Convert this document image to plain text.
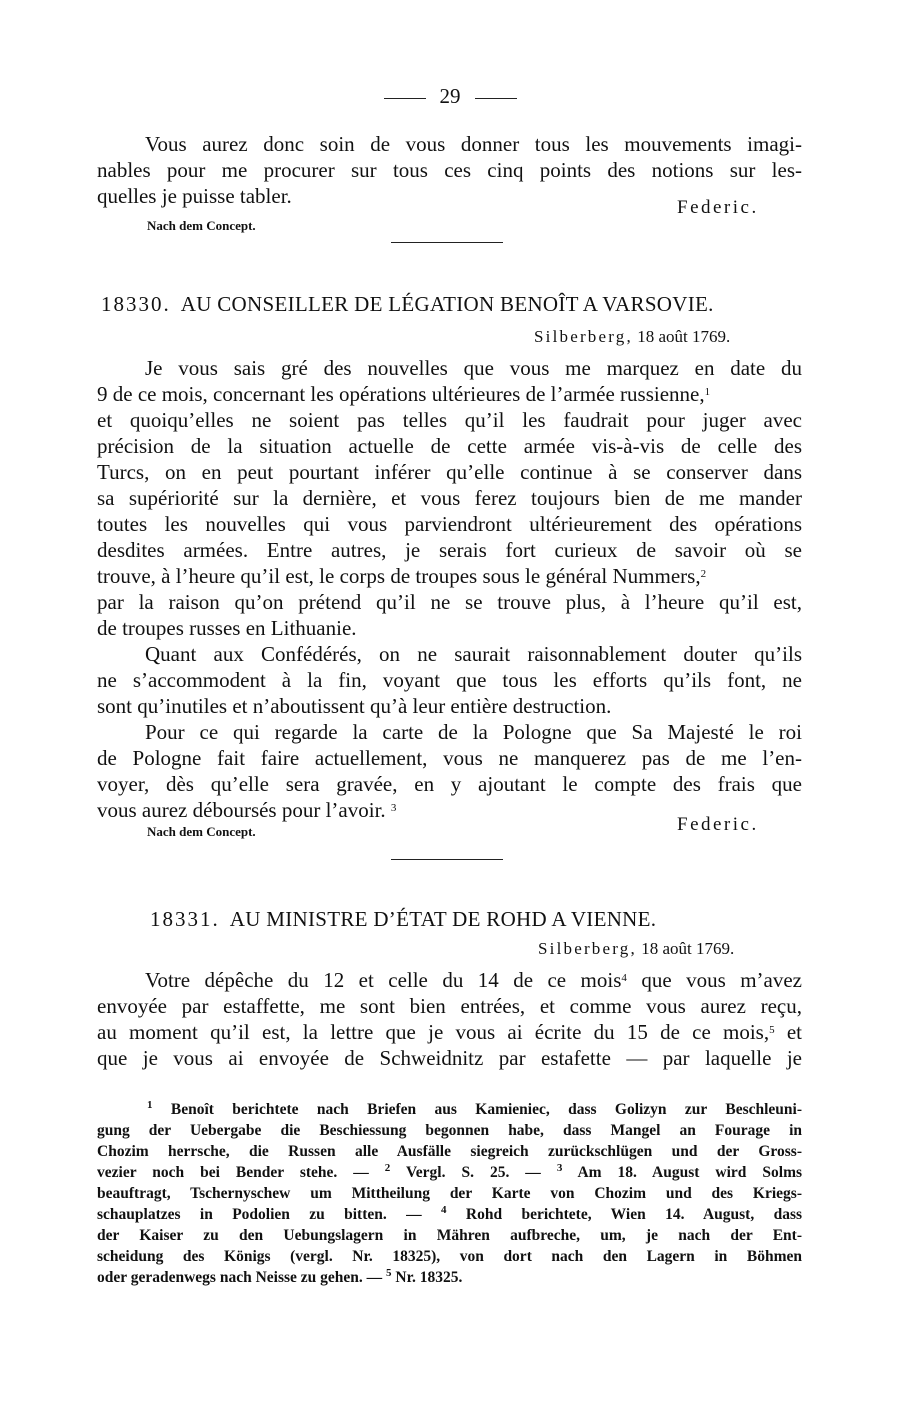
29
Vous aurez donc soin de vous donner tous les mouvements imagi-
nables pour me procurer sur tous ces cinq points des notions sur les-
quelles je puisse tabler.	Federic.
Nach dem Concept.
18330. AU CONSEILLER DE LÉGATION BENOÎT A VARSOVIE.
Silberberg, 18 août 1769.
Je vous sais gré des nouvelles que vous me marquez en date du
9 de ce mois, concernant les opérations ultérieures de l’armée russienne,$^1$
et quoiqu’elles ne soient pas telles qu’il les faudrait pour juger avec
précision de la situation actuelle de cette armée vis-à-vis de celle des
Turcs, on en peut pourtant inférer qu’elle continue à se conserver dans
sa supériorité sur la dernière, et vous ferez toujours bien de me mander
toutes les nouvelles qui vous parviendront ultérieurement des opérations
desdites armées. Entre autres, je serais fort curieux de savoir où se
trouve, à l’heure qu’il est, le corps de troupes sous le général Nummers,$^2$
par la raison qu’on prétend qu’il ne se trouve plus, à l’heure qu’il est,
de troupes russes en Lithuanie.
Quant aux Confédérés, on ne saurait raisonnablement douter qu’ils
ne s’accommodent à la fin, voyant que tous les efforts qu’ils font, ne
sont qu’inutiles et n’aboutissent qu’à leur entière destruction.
Pour ce qui regarde la carte de la Pologne que Sa Majesté le roi
de Pologne fait faire actuellement, vous ne manquerez pas de me l’en-
voyer, dès qu’elle sera gravée, en y ajoutant le compte des frais que
vous aurez déboursés pour l’avoir. $^3$
Nach dem Concept.	Federic.
18331. AU MINISTRE D’ÉTAT DE ROHD A VIENNE.
Silberberg, 18 août 1769.
Votre dépêche du 12 et celle du 14 de ce mois$^4$ que vous m’avez
envoyée par estaffette, me sont bien entrées, et comme vous aurez reçu,
au moment qu’il est, la lettre que je vous ai écrite du 15 de ce mois,$^5$ et
que je vous ai envoyée de Schweidnitz par estafette — par laquelle je
$^1$ Benoît berichtete nach Briefen aus Kamieniec, dass Golizyn zur Beschleuni-
gung der Uebergabe die Beschiessung begonnen habe, dass Mangel an Fourage in
Chozim herrsche, die Russen alle Ausfälle siegreich zurückschlügen und der Gross-
vezier noch bei Bender stehe. — $^2$ Vergl. S. 25. — $^3$ Am 18. August wird Solms
beauftragt, Tschernyschew um Mittheilung der Karte von Chozim und des Kriegs-
schauplatzes in Podolien zu bitten. — $^4$ Rohd berichtete, Wien 14. August, dass
der Kaiser zu den Uebungslagern in Mähren aufbreche, um, je nach der Ent-
scheidung des Königs (vergl. Nr. 18325), von dort nach den Lagern in Böhmen
oder geradenwegs nach Neisse zu gehen. — $^5$ Nr. 18325.
